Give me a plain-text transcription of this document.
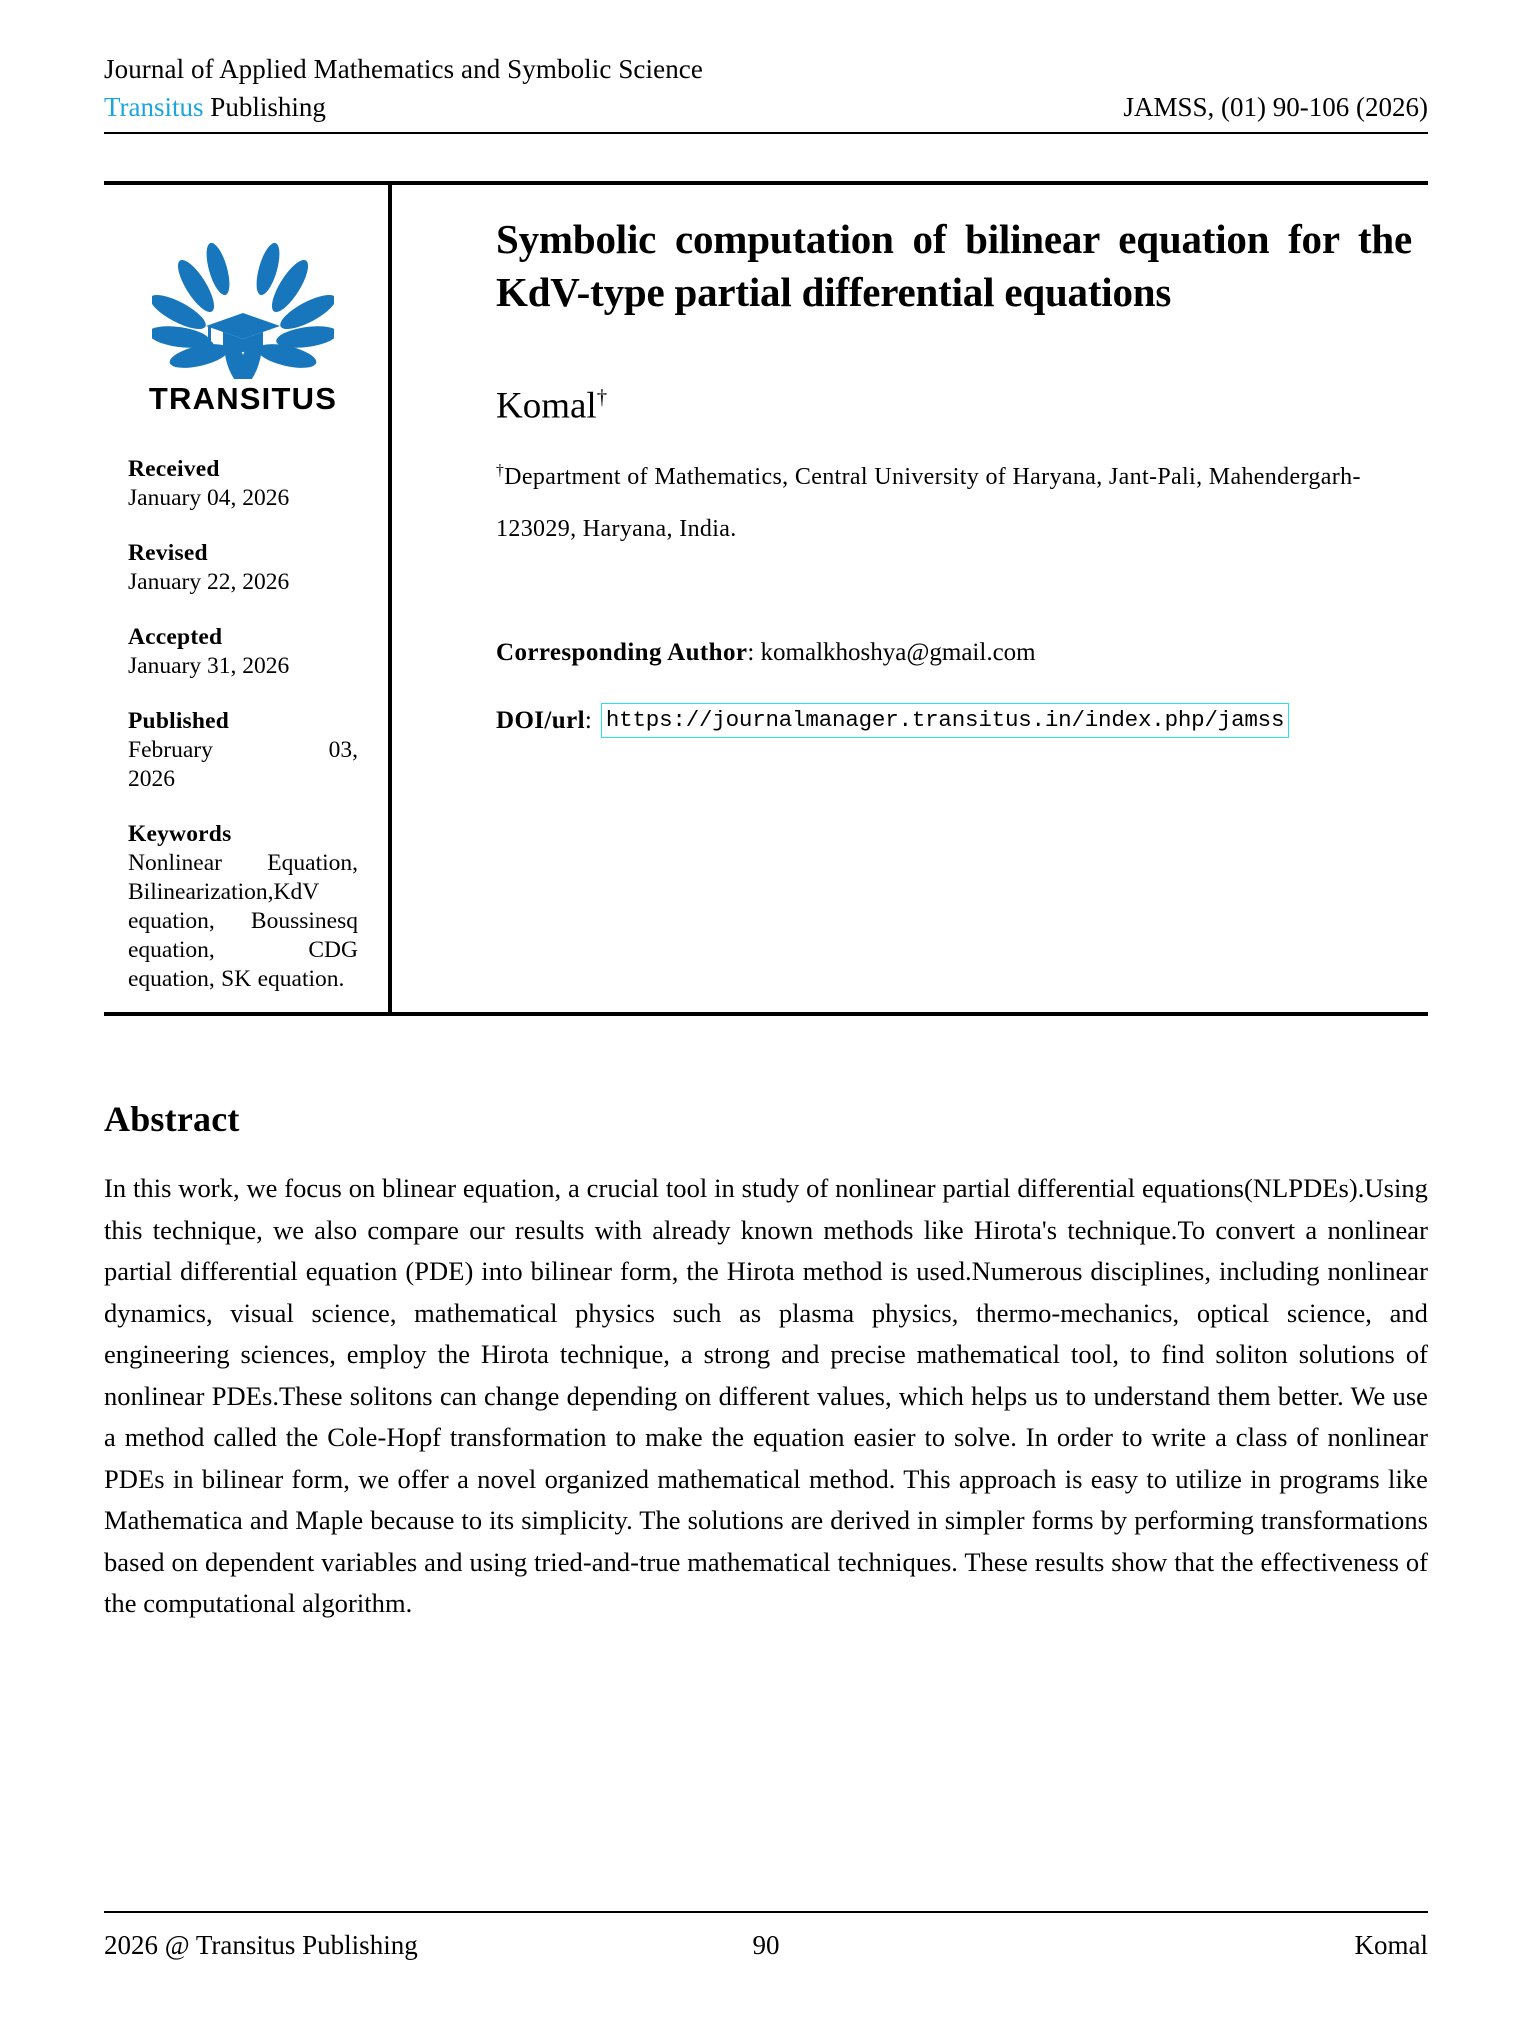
Journal of Applied Mathematics and Symbolic Science
Transitus Publishing	JAMSS, (01) 90-106 (2026)
TRANSITUS
Received
January 04, 2026
Revised
January 22, 2026
Accepted
January 31, 2026
Published
February	03,
2026
Keywords
Nonlinear Equation, Bilinearization,KdV equation, Boussinesq equation, CDG equation, SK equation.
Symbolic computation of bilinear equation for the KdV-type partial differential equations
Komal†
†Department of Mathematics, Central University of Haryana, Jant-Pali, Mahendergarh-123029, Haryana, India.
Corresponding Author: komalkhoshya@gmail.com
DOI/url : https://journalmanager.transitus.in/index.php/jamss
Abstract
In this work, we focus on blinear equation, a crucial tool in study of nonlinear partial differential equations(NLPDEs).Using this technique, we also compare our results with already known methods like Hirota's technique.To convert a nonlinear partial differential equation (PDE) into bilinear form, the Hirota method is used.Numerous disciplines, including nonlinear dynamics, visual science, mathematical physics such as plasma physics, thermo-mechanics, optical science, and engineering sciences, employ the Hirota technique, a strong and precise mathematical tool, to find soliton solutions of nonlinear PDEs.These solitons can change depending on different values, which helps us to understand them better. We use a method called the Cole-Hopf transformation to make the equation easier to solve. In order to write a class of nonlinear PDEs in bilinear form, we offer a novel organized mathematical method. This approach is easy to utilize in programs like Mathematica and Maple because to its simplicity. The solutions are derived in simpler forms by performing transformations based on dependent variables and using tried-and-true mathematical techniques. These results show that the effectiveness of the computational algorithm.
2026 @ Transitus Publishing	90	Komal
